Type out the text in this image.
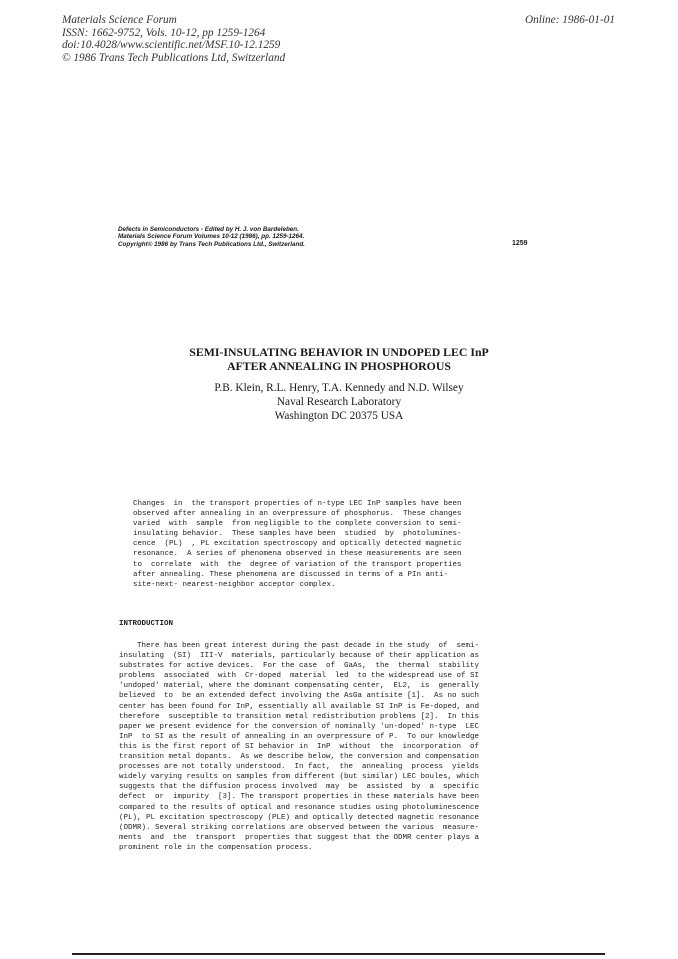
Materials Science Forum
ISSN: 1662-9752, Vols. 10-12, pp 1259-1264
doi:10.4028/www.scientific.net/MSF.10-12.1259
© 1986 Trans Tech Publications Ltd, Switzerland
Online: 1986-01-01
Defects in Semiconductors - Edited by H. J. von Bardeleben.
Materials Science Forum Volumes 10-12 (1986), pp. 1259-1264.
Copyright© 1986 by Trans Tech Publications Ltd., Switzerland.	1259
SEMI-INSULATING BEHAVIOR IN UNDOPED LEC InP
AFTER ANNEALING IN PHOSPHOROUS
P.B. Klein, R.L. Henry, T.A. Kennedy and N.D. Wilsey
Naval Research Laboratory
Washington DC 20375 USA
Changes  in  the transport properties of n-type LEC InP samples have been
observed after annealing in an overpressure of phosphorus.  These changes
varied  with  sample  from negligible to the complete conversion to semi-
insulating behavior.  These samples have been  studied  by  photolumines-
cence  (PL)  , PL excitation spectroscopy and optically detected magnetic
resonance.  A series of phenomena observed in these measurements are seen
to  correlate  with  the  degree of variation of the transport properties
after annealing. These phenomena are discussed in terms of a PIn anti-
site-next- nearest-neighbor acceptor complex.
INTRODUCTION
There has been great interest during the past decade in the study  of  semi-
insulating  (SI)  III-V  materials, particularly because of their application as
substrates for active devices.  For the case  of  GaAs,  the  thermal  stability
problems  associated  with  Cr-doped  material  led  to the widespread use of SI
'undoped' material, where the dominant compensating center,  EL2,  is  generally
believed  to  be an extended defect involving the AsGa antisite [1].  As no such
center has been found for InP, essentially all available SI InP is Fe-doped, and
therefore  susceptible to transition metal redistribution problems [2].  In this
paper we present evidence for the conversion of nominally 'un-doped' n-type  LEC
InP  to SI as the result of annealing in an overpressure of P.  To our knowledge
this is the first report of SI behavior in  InP  without  the  incorporation  of
transition metal dopants.  As we describe below, the conversion and compensation
processes are not totally understood.  In fact,  the  annealing  process  yields
widely varying results on samples from different (but similar) LEC boules, which
suggests that the diffusion process involved  may  be  assisted  by  a  specific
defect  or  impurity  [3]. The transport properties in these materials have been
compared to the results of optical and resonance studies using photoluminescence
(PL), PL excitation spectroscopy (PLE) and optically detected magnetic resonance
(ODMR). Several striking correlations are observed between the various  measure-
ments  and  the  transport  properties that suggest that the ODMR center plays a
prominent role in the compensation process.
